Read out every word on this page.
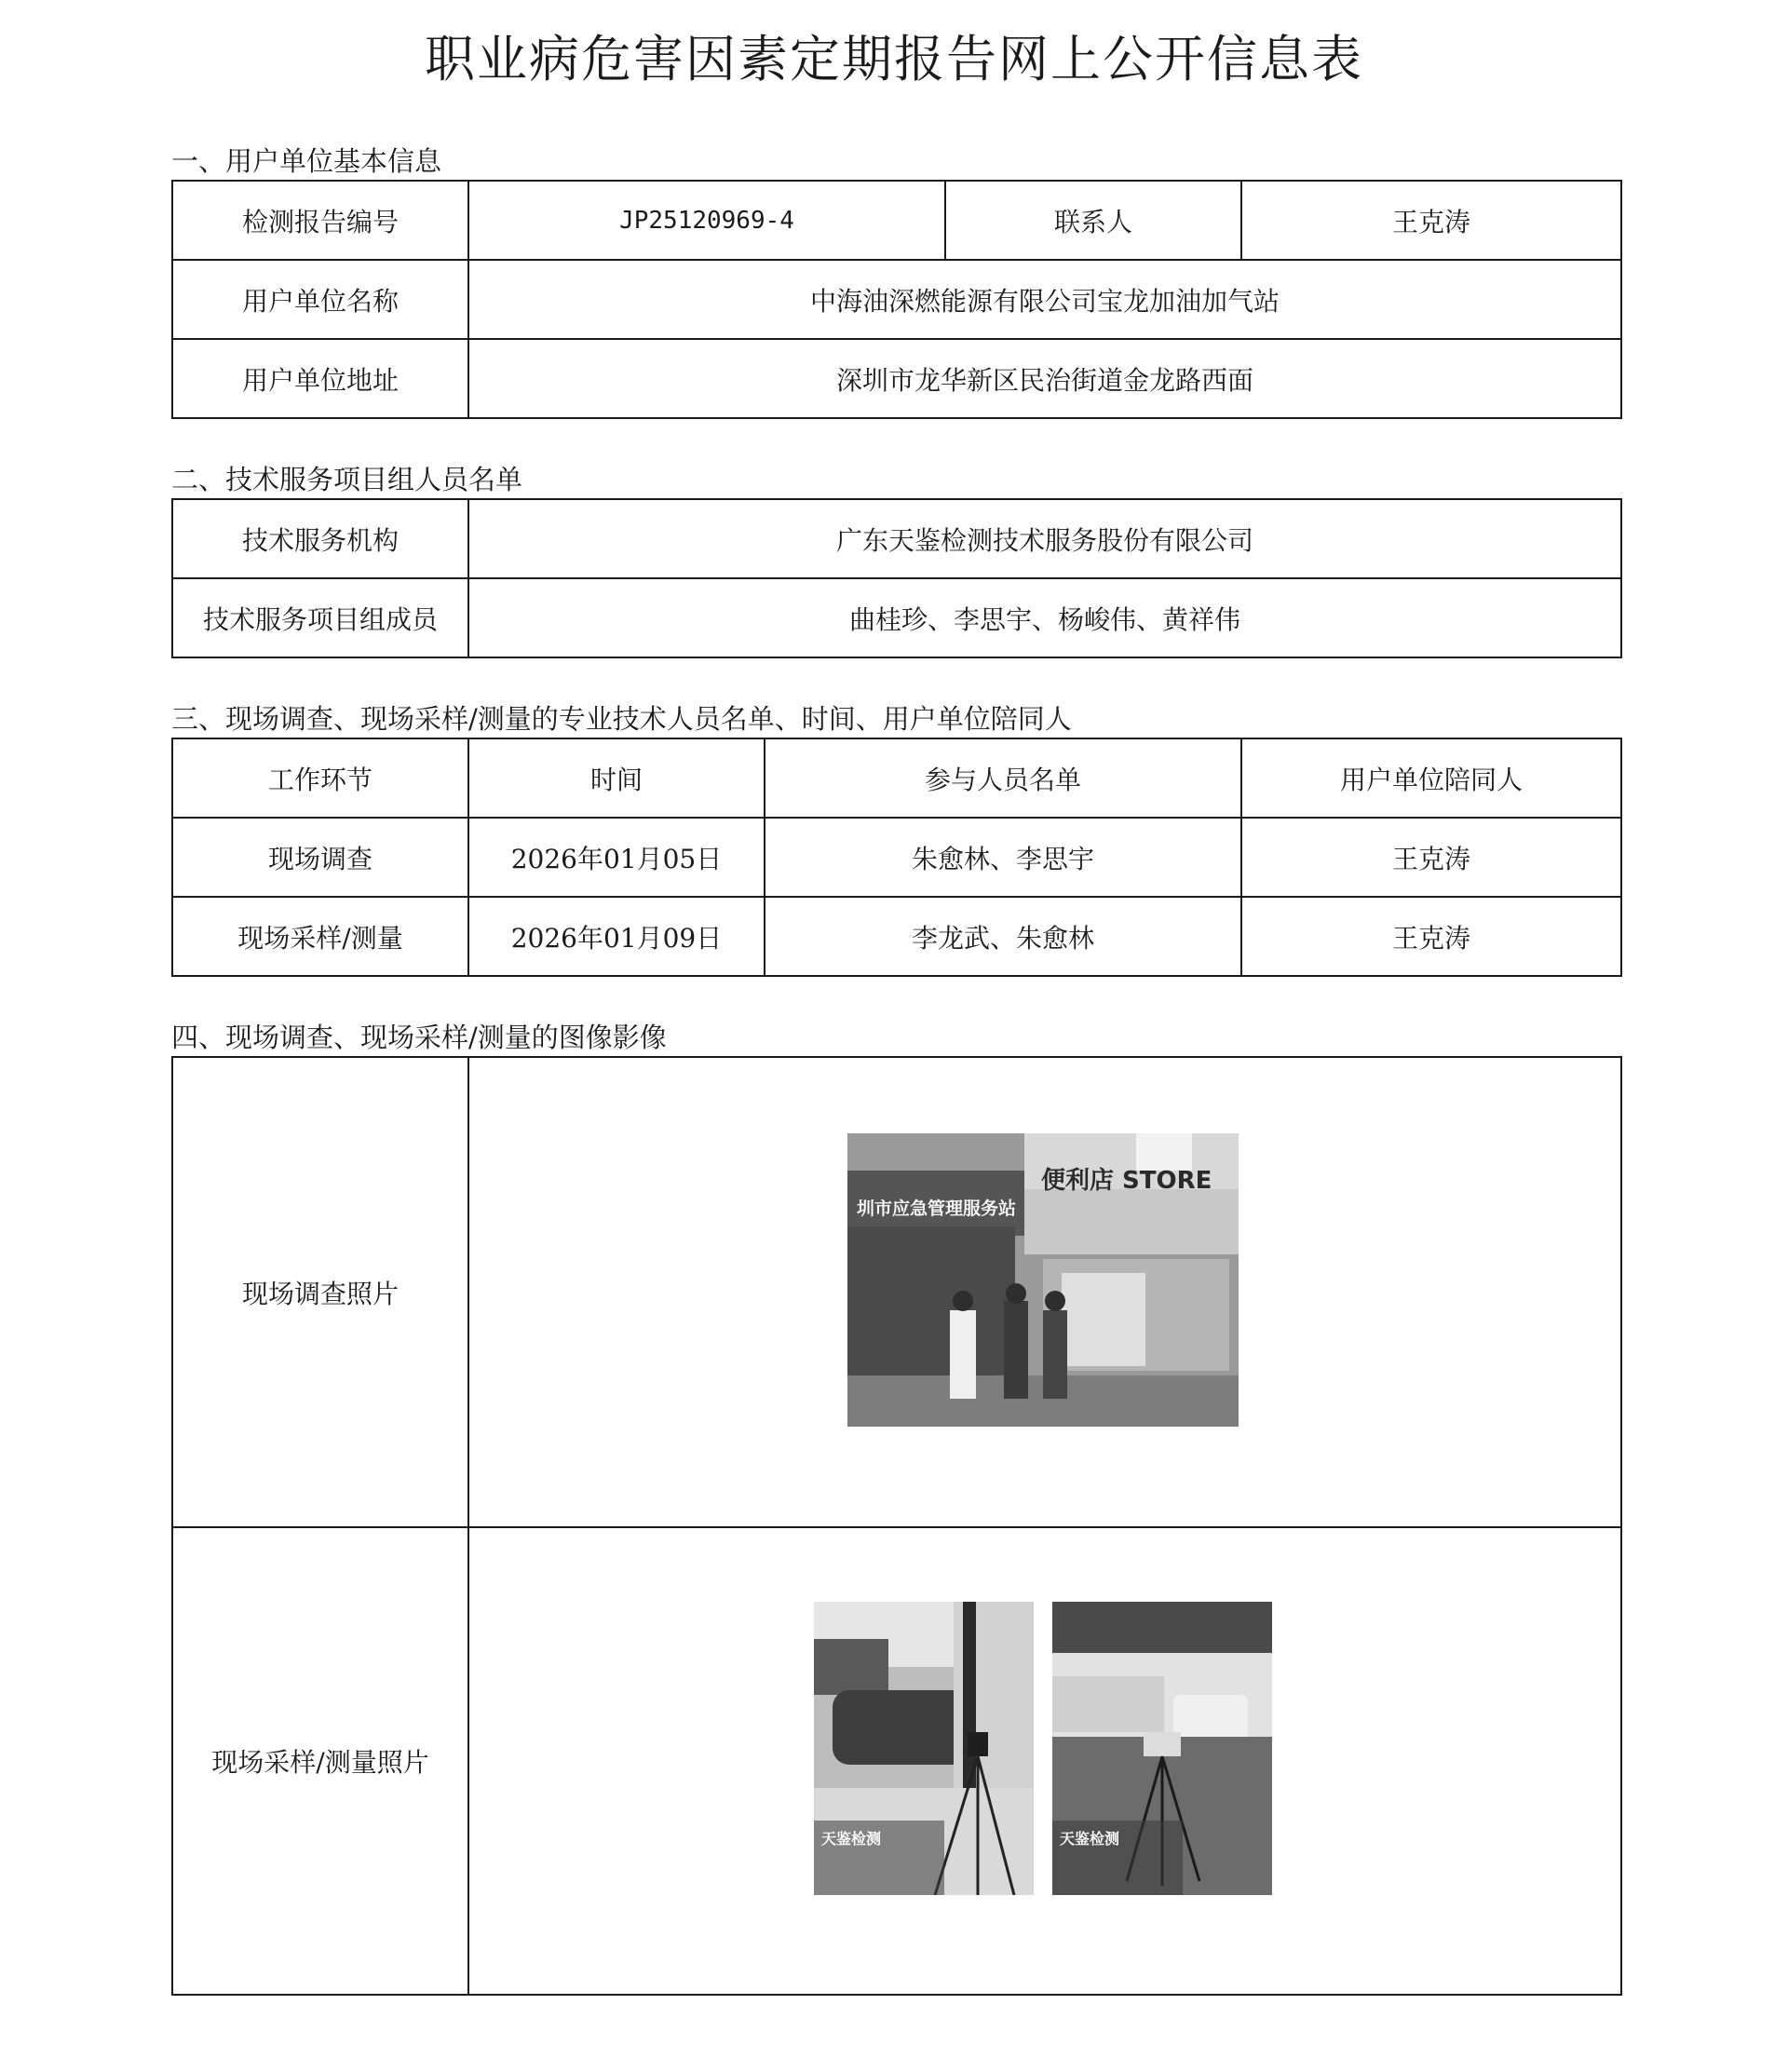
职业病危害因素定期报告网上公开信息表
一、用户单位基本信息
检测报告编号	JP25120969-4	联系人	王克涛
用户单位名称	中海油深燃能源有限公司宝龙加油加气站		
用户单位地址	深圳市龙华新区民治街道金龙路西面		
二、技术服务项目组人员名单
技术服务机构	广东天鉴检测技术服务股份有限公司
技术服务项目组成员	曲桂珍、李思宇、杨峻伟、黄祥伟
三、现场调查、现场采样/测量的专业技术人员名单、时间、用户单位陪同人
工作环节	时间	参与人员名单	用户单位陪同人
现场调查	2026年01月05日	朱愈林、李思宇	王克涛
现场采样/测量	2026年01月09日	李龙武、朱愈林	王克涛
四、现场调查、现场采样/测量的图像影像
现场调查照片	
现场采样/测量照片	
圳市应急管理服务站
便利店 STORE
天鉴检测	天鉴检测
